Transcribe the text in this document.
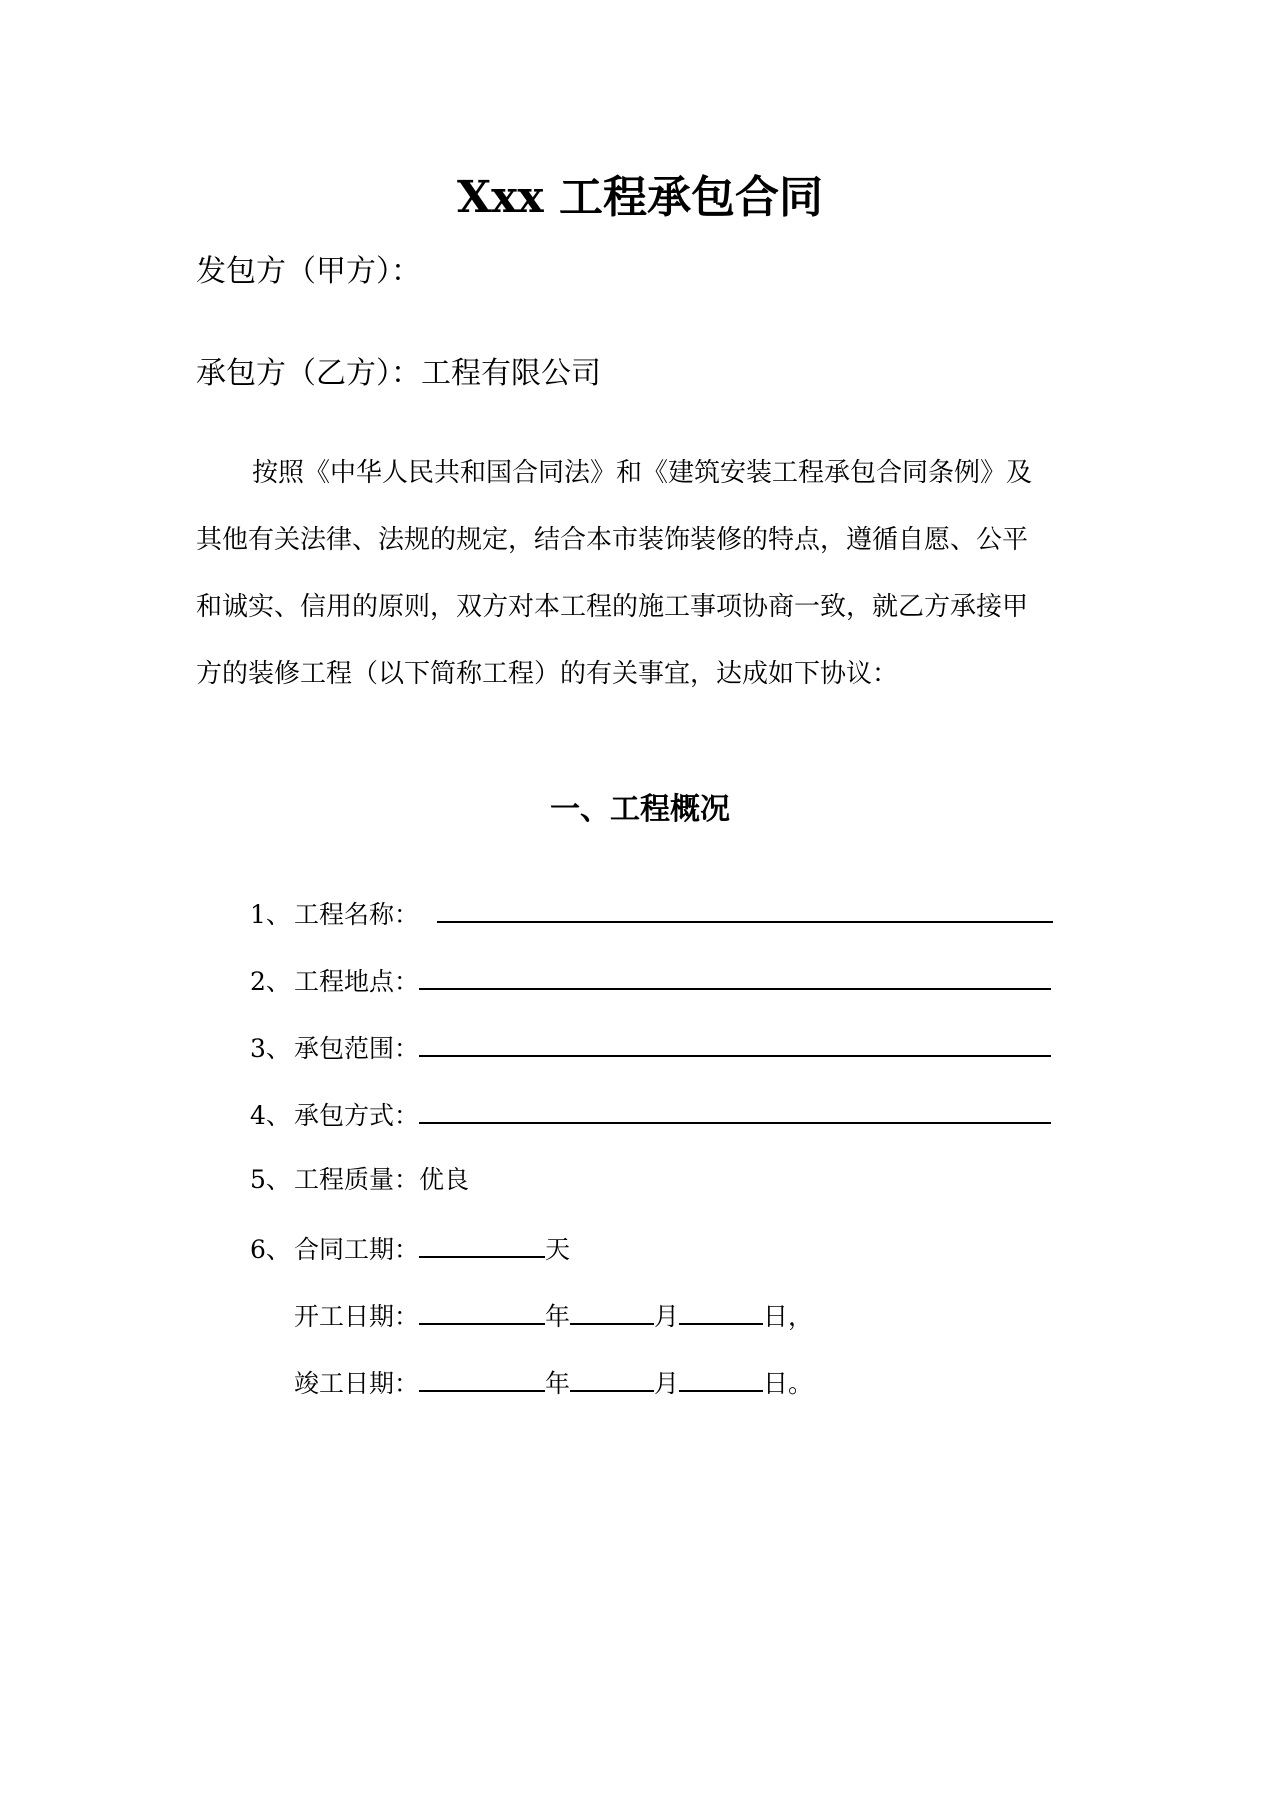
Xxx 工程承包合同
发包方（甲方）：
承包方（乙方）：工程有限公司
按照《中华人民共和国合同法》和《建筑安装工程承包合同条例》及
其他有关法律、法规的规定，结合本市装饰装修的特点，遵循自愿、公平
和诚实、信用的原则，双方对本工程的施工事项协商一致，就乙方承接甲
方的装修工程（以下简称工程）的有关事宜，达成如下协议：
一、工程概况
1、 工程名称：
2、 工程地点：
3、 承包范围：
4、 承包方式：
5、 工程质量：优良
6、 合同工期：	天
开工日期：	年	月	日，
竣工日期：	年	月	日。
